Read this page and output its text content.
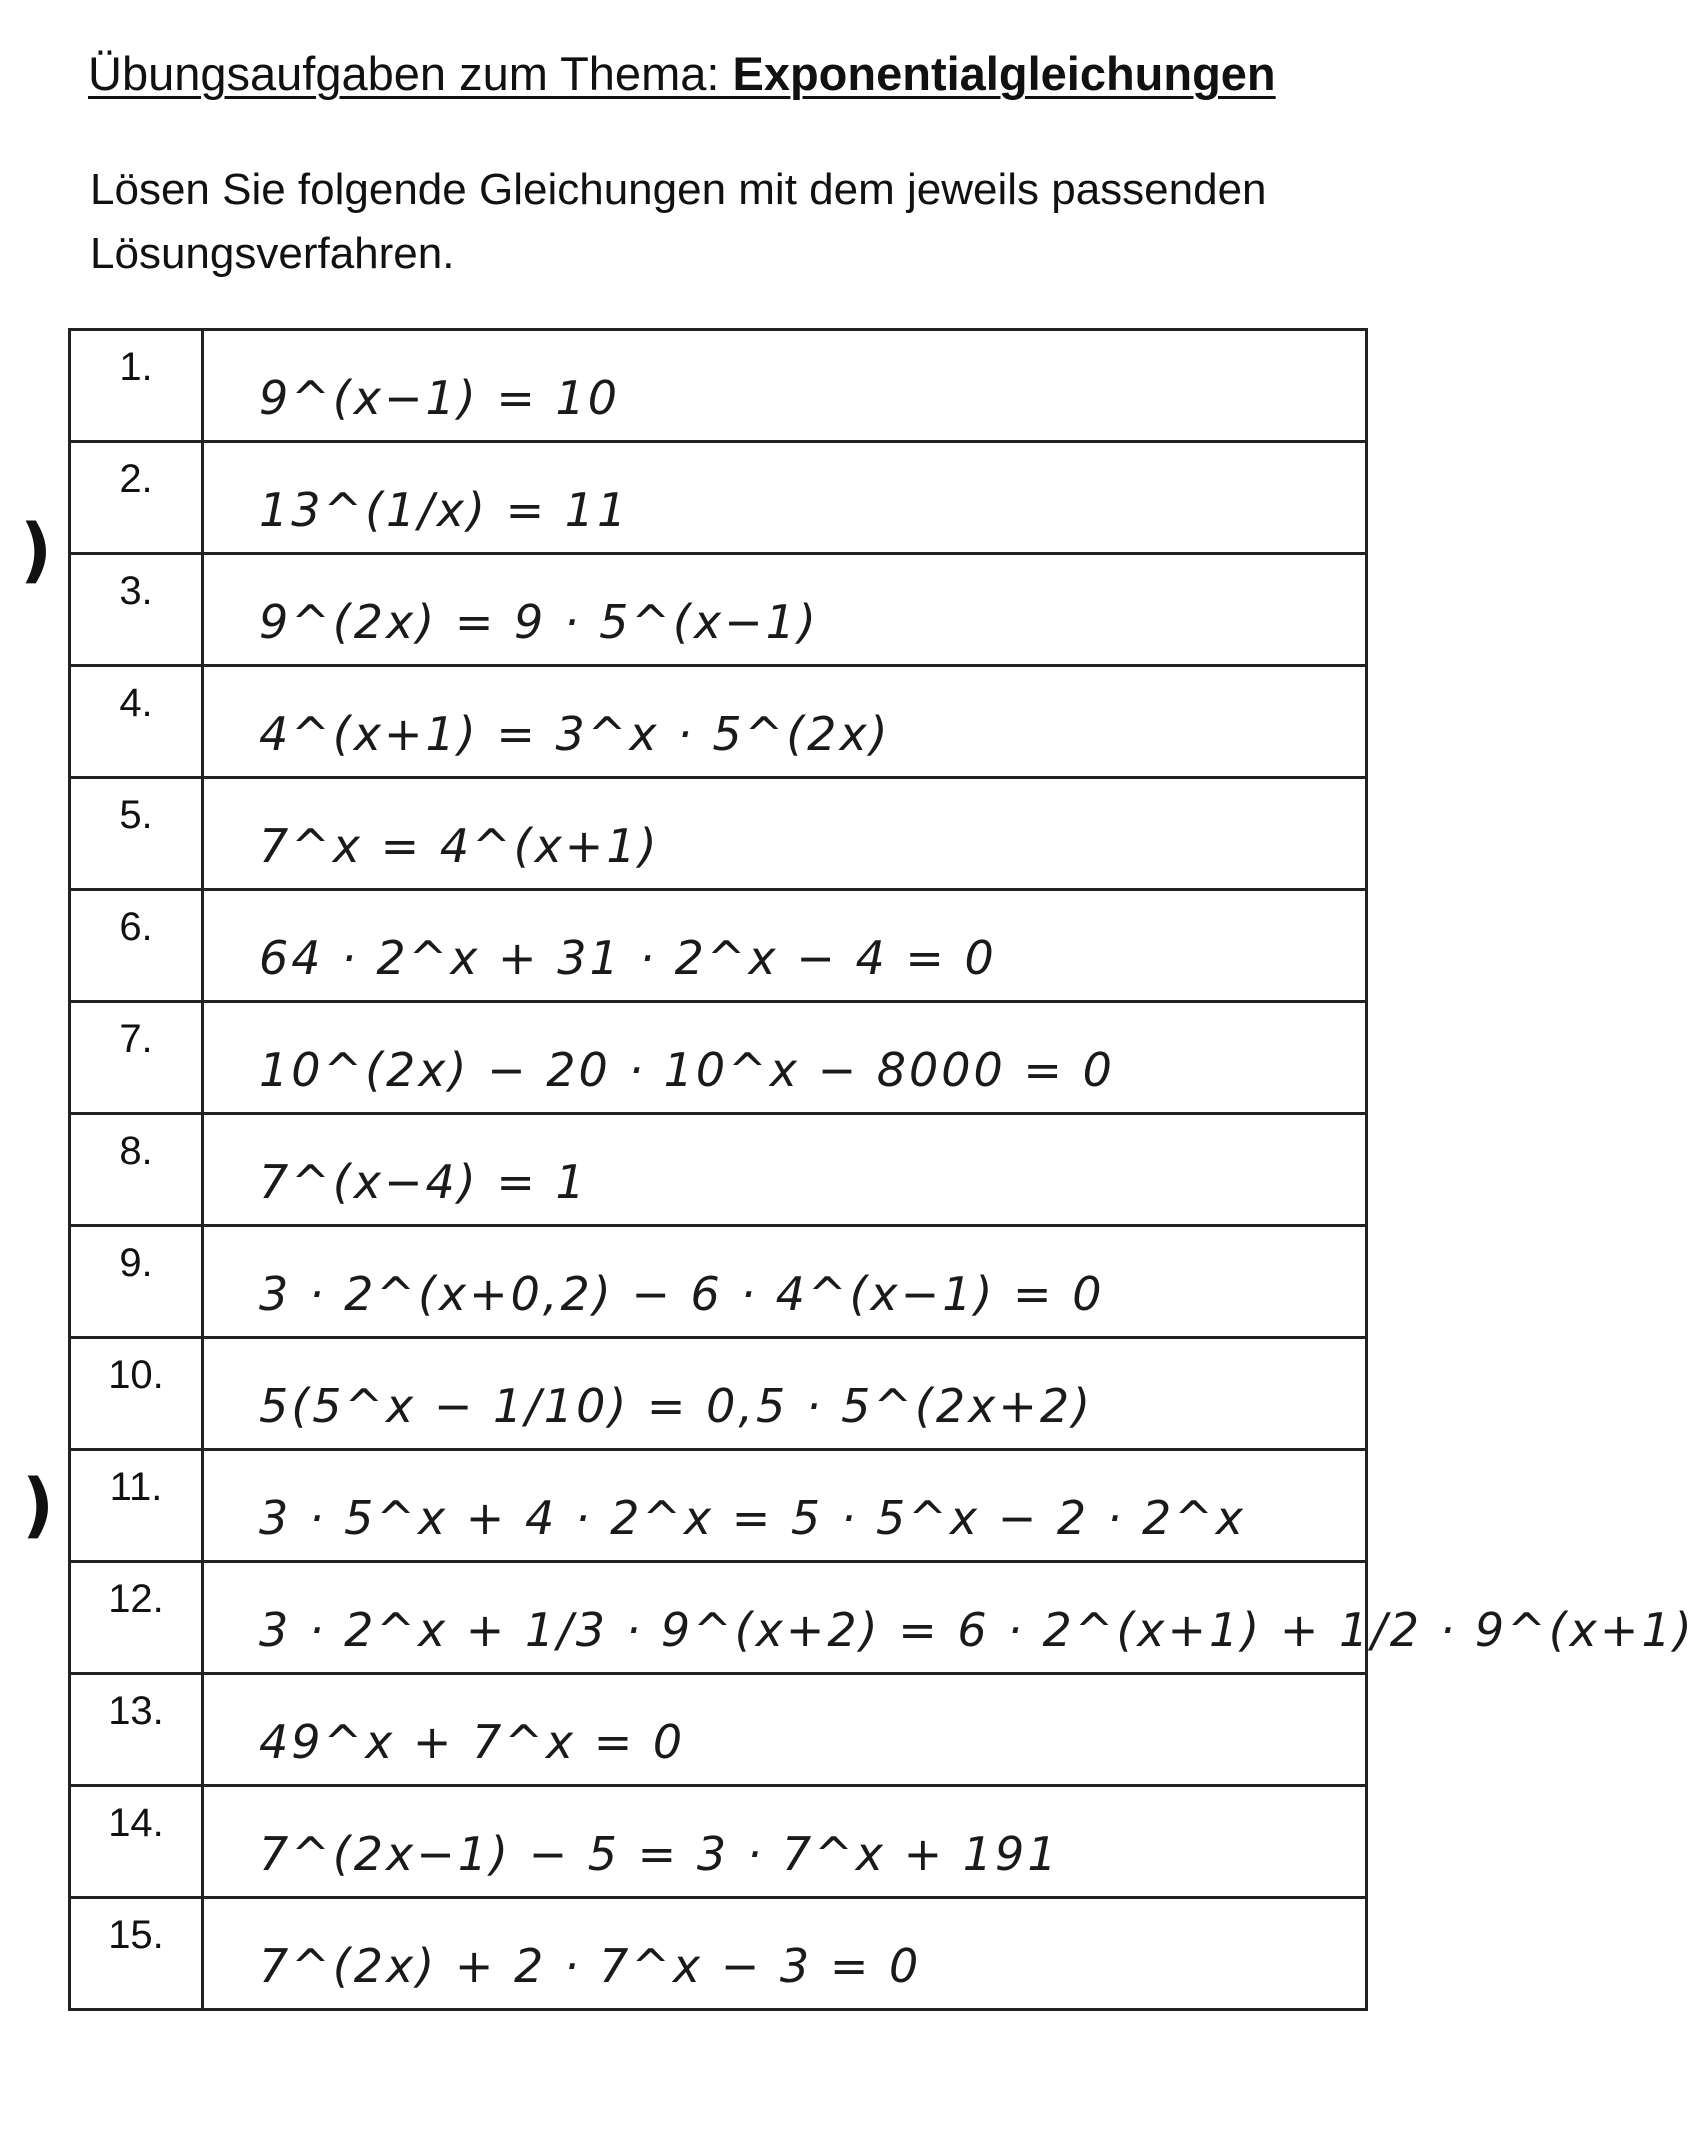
Übungsaufgaben zum Thema: Exponentialgleichungen
Lösen Sie folgende Gleichungen mit dem jeweils passenden Lösungsverfahren.
)
)
1.	9^(x−1) = 10
2.	13^(1/x) = 11
3.	9^(2x) = 9 · 5^(x−1)
4.	4^(x+1) = 3^x · 5^(2x)
5.	7^x = 4^(x+1)
6.	64 · 2^x + 31 · 2^x − 4 = 0
7.	10^(2x) − 20 · 10^x − 8000 = 0
8.	7^(x−4) = 1
9.	3 · 2^(x+0,2) − 6 · 4^(x−1) = 0
10.	5(5^x − 1/10) = 0,5 · 5^(2x+2)
11.	3 · 5^x + 4 · 2^x = 5 · 5^x − 2 · 2^x
12.	3 · 2^x + 1/3 · 9^(x+2) = 6 · 2^(x+1) + 1/2 · 9^(x+1)
13.	49^x + 7^x = 0
14.	7^(2x−1) − 5 = 3 · 7^x + 191
15.	7^(2x) + 2 · 7^x − 3 = 0
